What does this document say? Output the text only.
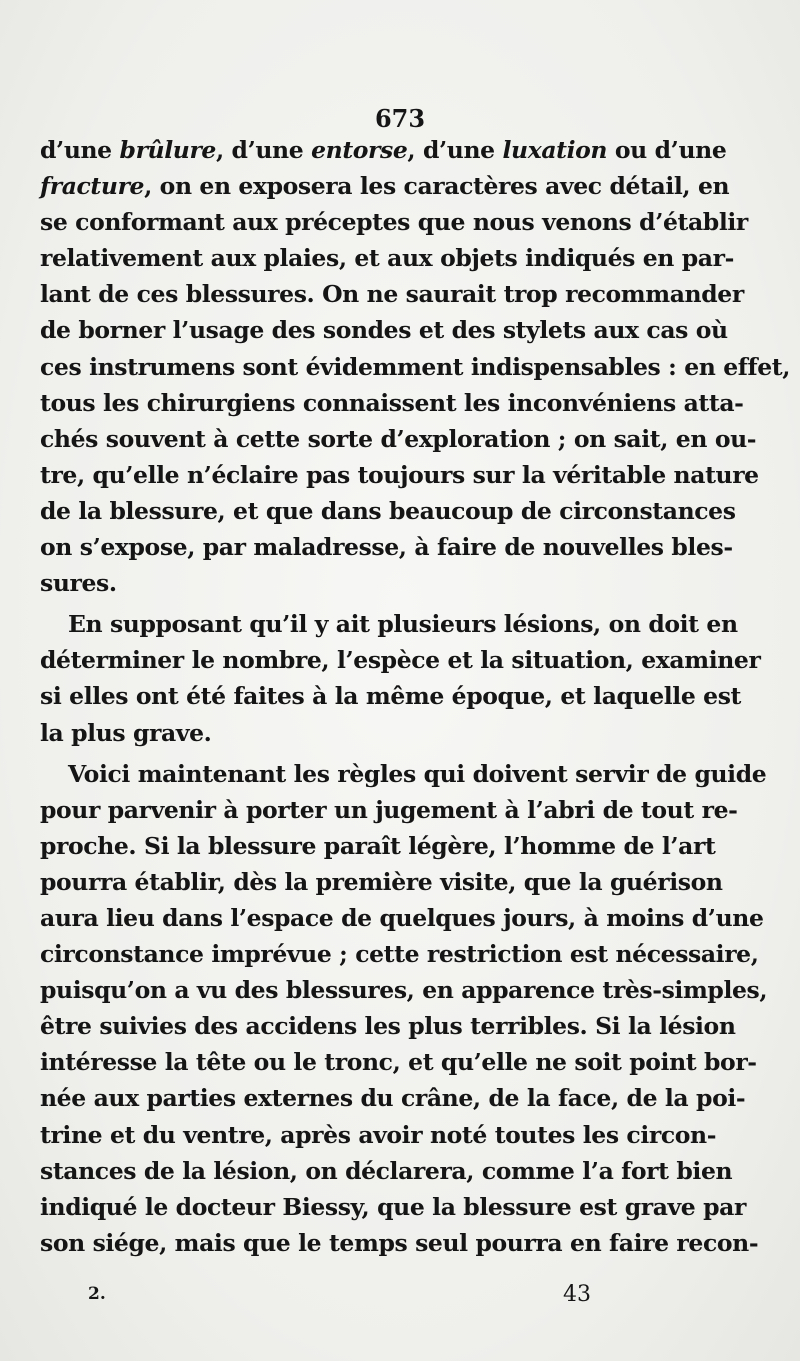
673
d’une brûlure, d’une entorse, d’une luxation ou d’une
fracture, on en exposera les caractères avec détail, en
se conformant aux préceptes que nous venons d’établir
relativement aux plaies, et aux objets indiqués en par-
lant de ces blessures. On ne saurait trop recommander
de borner l’usage des sondes et des stylets aux cas où
ces instrumens sont évidemment indispensables : en effet,
tous les chirurgiens connaissent les inconvéniens atta-
chés souvent à cette sorte d’exploration ; on sait, en ou-
tre, qu’elle n’éclaire pas toujours sur la véritable nature
de la blessure, et que dans beaucoup de circonstances
on s’expose, par maladresse, à faire de nouvelles bles-
sures.
En supposant qu’il y ait plusieurs lésions, on doit en
déterminer le nombre, l’espèce et la situation, examiner
si elles ont été faites à la même époque, et laquelle est
la plus grave.
Voici maintenant les règles qui doivent servir de guide
pour parvenir à porter un jugement à l’abri de tout re-
proche. Si la blessure paraît légère, l’homme de l’art
pourra établir, dès la première visite, que la guérison
aura lieu dans l’espace de quelques jours, à moins d’une
circonstance imprévue ; cette restriction est nécessaire,
puisqu’on a vu des blessures, en apparence très-simples,
être suivies des accidens les plus terribles. Si la lésion
intéresse la tête ou le tronc, et qu’elle ne soit point bor-
née aux parties externes du crâne, de la face, de la poi-
trine et du ventre, après avoir noté toutes les circon-
stances de la lésion, on déclarera, comme l’a fort bien
indiqué le docteur Biessy, que la blessure est grave par
son siége, mais que le temps seul pourra en faire recon-
2.	43
